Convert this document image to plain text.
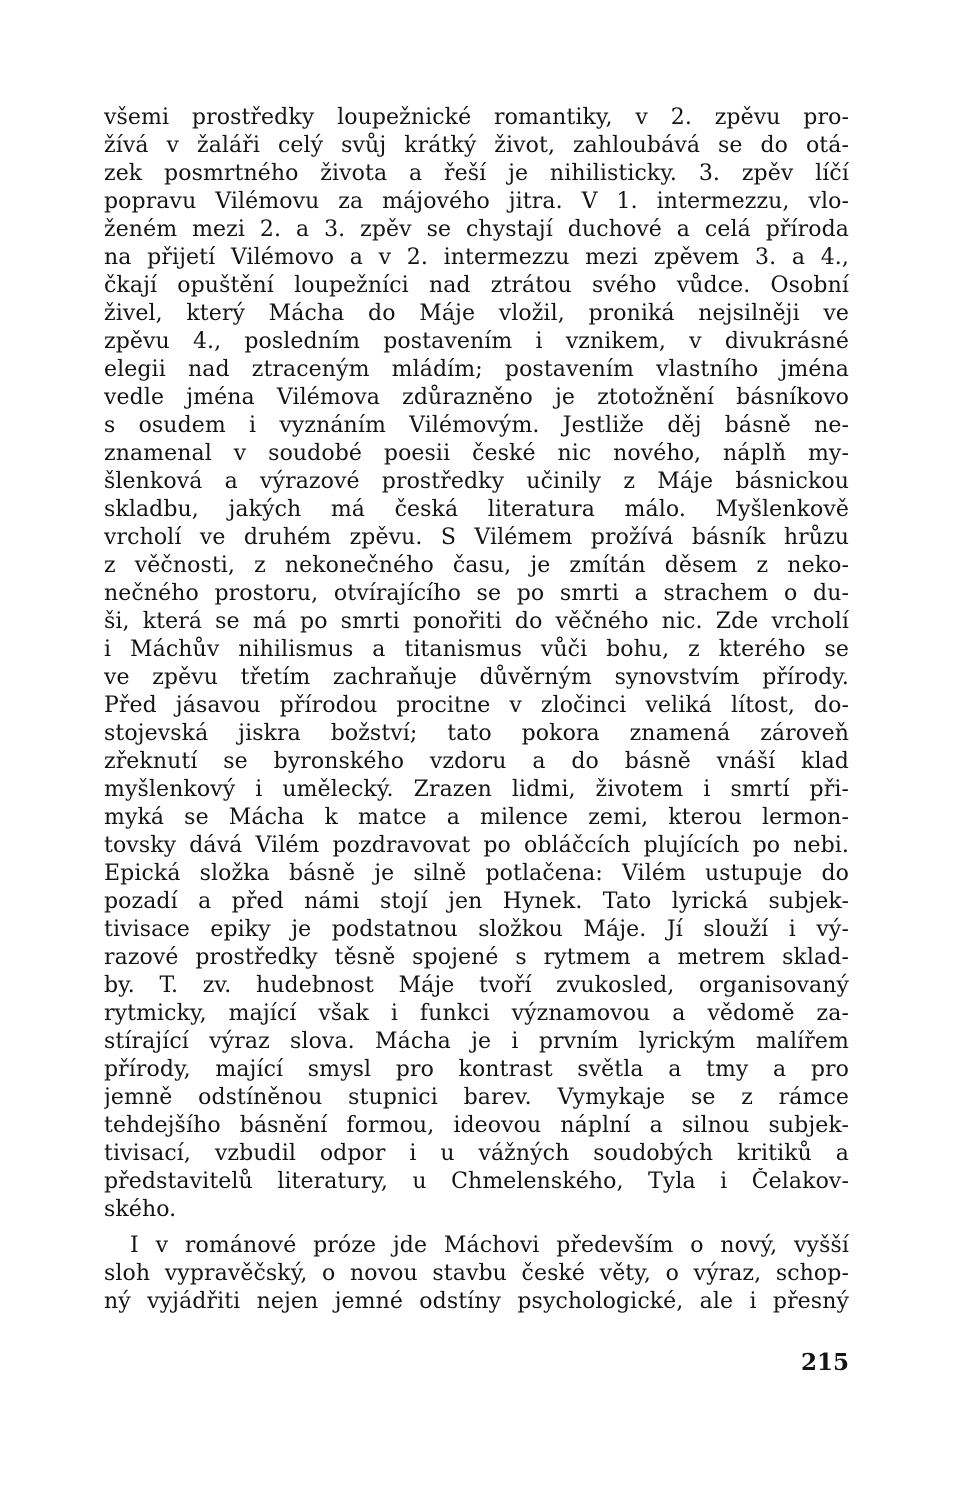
všemi prostředky loupežnické romantiky, v 2. zpěvu pro-
žívá v žaláři celý svůj krátký život, zahloubává se do otá-
zek posmrtného života a řeší je nihilisticky. 3. zpěv líčí
popravu Vilémovu za májového jitra. V 1. intermezzu, vlo-
ženém mezi 2. a 3. zpěv se chystají duchové a celá příroda
na přijetí Vilémovo a v 2. intermezzu mezi zpěvem 3. a 4.,
čkají opuštění loupežníci nad ztrátou svého vůdce. Osobní
živel, který Mácha do Máje vložil, proniká nejsilněji ve
zpěvu 4., posledním postavením i vznikem, v divukrásné
elegii nad ztraceným mládím; postavením vlastního jména
vedle jména Vilémova zdůrazněno je ztotožnění básníkovo
s osudem i vyznáním Vilémovým. Jestliže děj básně ne-
znamenal v soudobé poesii české nic nového, náplň my-
šlenková a výrazové prostředky učinily z Máje básnickou
skladbu, jakých má česká literatura málo. Myšlenkově
vrcholí ve druhém zpěvu. S Vilémem prožívá básník hrůzu
z věčnosti, z nekonečného času, je zmítán děsem z neko-
nečného prostoru, otvírajícího se po smrti a strachem o du-
ši, která se má po smrti ponořiti do věčného nic. Zde vrcholí
i Máchův nihilismus a titanismus vůči bohu, z kterého se
ve zpěvu třetím zachraňuje důvěrným synovstvím přírody.
Před jásavou přírodou procitne v zločinci veliká lítost, do-
stojevská jiskra božství; tato pokora znamená zároveň
zřeknutí se byronského vzdoru a do básně vnáší klad
myšlenkový i umělecký. Zrazen lidmi, životem i smrtí při-
myká se Mácha k matce a milence zemi, kterou lermon-
tovsky dává Vilém pozdravovat po obláčcích plujících po nebi.
Epická složka básně je silně potlačena: Vilém ustupuje do
pozadí a před námi stojí jen Hynek. Tato lyrická subjek-
tivisace epiky je podstatnou složkou Máje. Jí slouží i vý-
razové prostředky těsně spojené s rytmem a metrem sklad-
by. T. zv. hudebnost Máje tvoří zvukosled, organisovaný
rytmicky, mající však i funkci významovou a vědomě za-
stírající výraz slova. Mácha je i prvním lyrickým malířem
přírody, mající smysl pro kontrast světla a tmy a pro
jemně odstíněnou stupnici barev. Vymykaje se z rámce
tehdejšího básnění formou, ideovou náplní a silnou subjek-
tivisací, vzbudil odpor i u vážných soudobých kritiků a
představitelů literatury, u Chmelenského, Tyla i Čelakov-
ského.
I v románové próze jde Máchovi především o nový, vyšší
sloh vypravěčský, o novou stavbu české věty, o výraz, schop-
ný vyjádřiti nejen jemné odstíny psychologické, ale i přesný
215
